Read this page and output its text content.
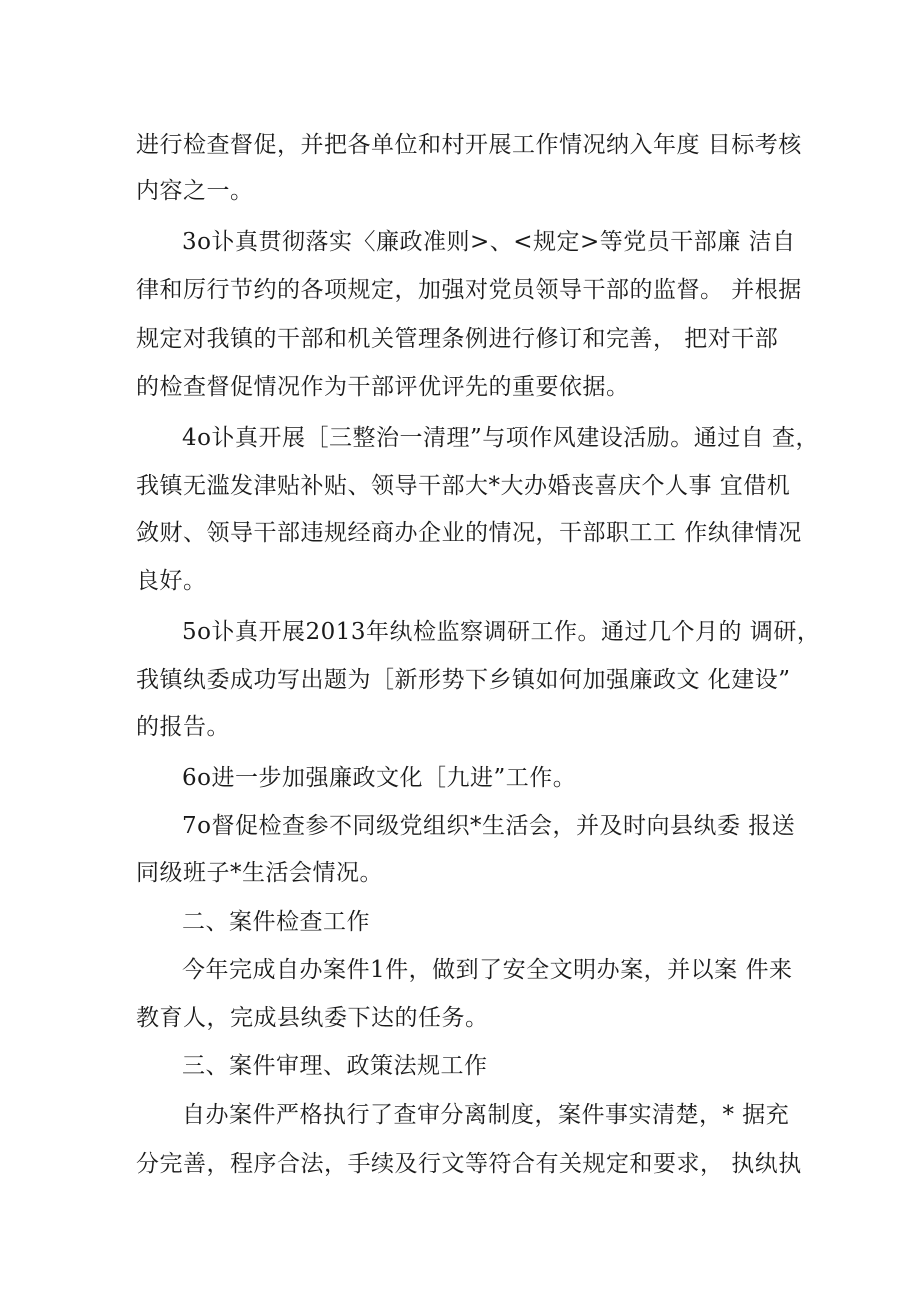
进行检查督促，并把各单位和村开展工作情况纳入年度 目标考核
内容之一。
3o讣真贯彻落实〈廉政准则>、<规定>等党员干部廉 洁自
律和厉行节约的各项规定，加强对党员领导干部的监督。 并根据
规定对我镇的干部和机关管理条例进行修订和完善， 把对干部
的检查督促情况作为干部评优评先的重要依据。
4o讣真开展［三整治一清理”与项作风建设活励。通过自 查，
我镇无滥发津贴补贴、领导干部大*大办婚丧喜庆个人事 宜借机
敛财、领导干部违规经商办企业的情况，干部职工工 作纨律情况
良好。
5o讣真开展2013年纨检监察调研工作。通过几个月的 调研，
我镇纨委成功写出题为［新形势下乡镇如何加强廉政文 化建设”
的报告。
6o进一步加强廉政文化［九进”工作。
7o督促检查参不同级党组织*生活会，并及时向县纨委 报送
同级班子*生活会情况。
二、案件检查工作
今年完成自办案件1件，做到了安全文明办案，并以案 件来
教育人，完成县纨委下达的任务。
三、案件审理、政策法规工作
自办案件严格执行了查审分离制度，案件事实清楚，* 据充
分完善，程序合法，手续及行文等符合有关规定和要求， 执纨执
